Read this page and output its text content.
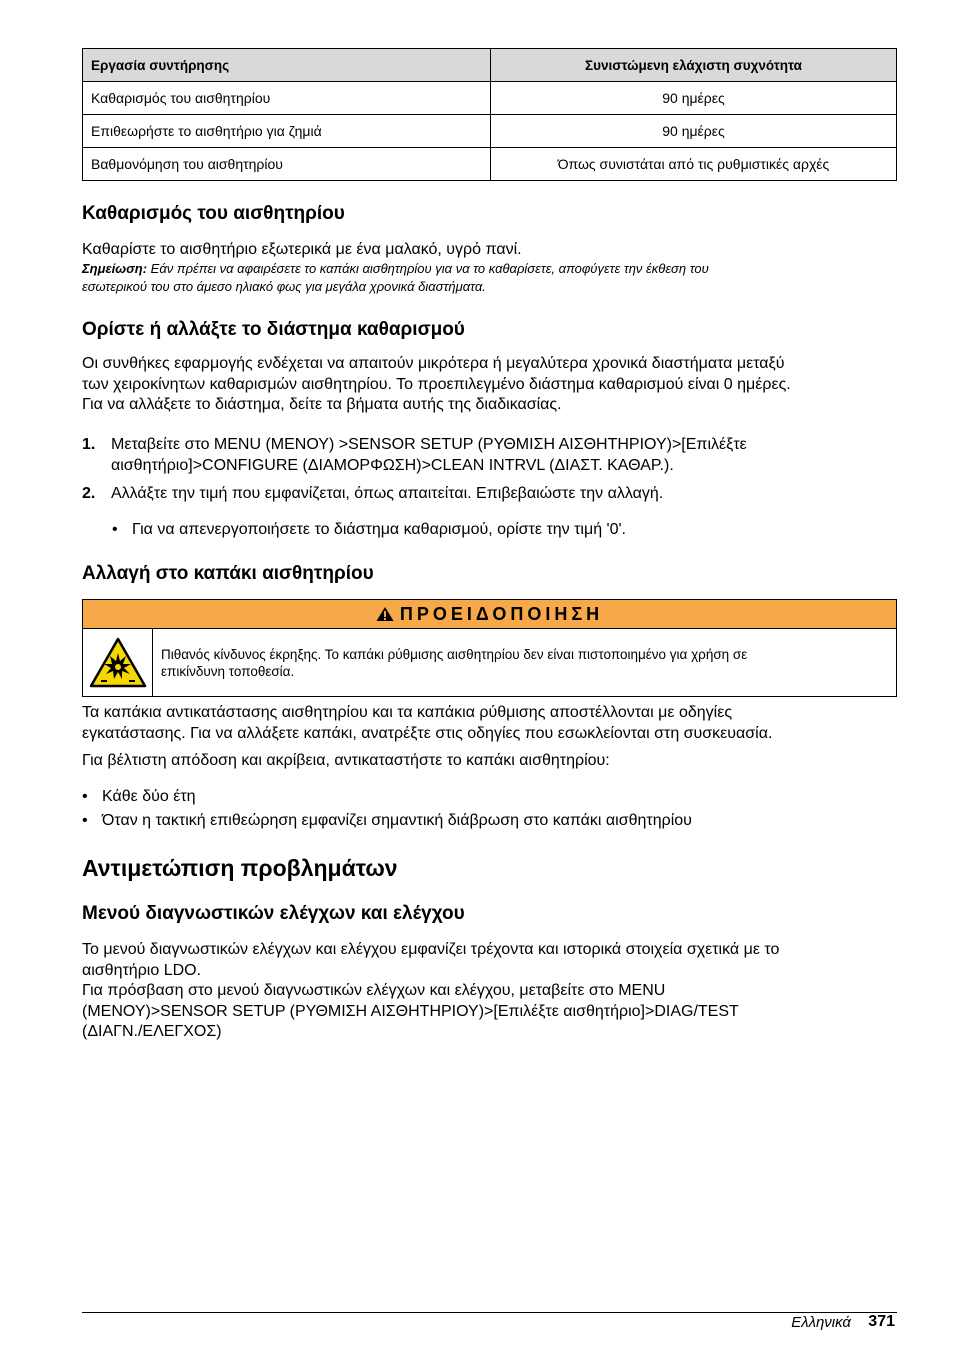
Εργασία συντήρησης	Συνιστώμενη ελάχιστη συχνότητα
Καθαρισμός του αισθητηρίου	90 ημέρες
Επιθεωρήστε το αισθητήριο για ζημιά	90 ημέρες
Βαθμονόμηση του αισθητηρίου	Όπως συνιστάται από τις ρυθμιστικές αρχές
Καθαρισμός του αισθητηρίου

Καθαρίστε το αισθητήριο εξωτερικά με ένα μαλακό, υγρό πανί.

Σημείωση: Εάν πρέπει να αφαιρέσετε το καπάκι αισθητηρίου για να το καθαρίσετε, αποφύγετε την έκθεση του
εσωτερικού του στο άμεσο ηλιακό φως για μεγάλα χρονικά διαστήματα.
Ορίστε ή αλλάξτε το διάστημα καθαρισμού

Οι συνθήκες εφαρμογής ενδέχεται να απαιτούν μικρότερα ή μεγαλύτερα χρονικά διαστήματα μεταξύ
των χειροκίνητων καθαρισμών αισθητηρίου. Το προεπιλεγμένο διάστημα καθαρισμού είναι 0 ημέρες.
Για να αλλάξετε το διάστημα, δείτε τα βήματα αυτής της διαδικασίας.

1. Μεταβείτε στο MENU (ΜΕΝΟΥ) >SENSOR SETUP (ΡΥΘΜΙΣΗ ΑΙΣΘΗΤΗΡΙΟΥ)>[Επιλέξτε
αισθητήριο]>CONFIGURE (ΔΙΑΜΟΡΦΩΣΗ)>CLEAN INTRVL (ΔΙΑΣΤ. ΚΑΘΑΡ.).
2. Αλλάξτε την τιμή που εμφανίζεται, όπως απαιτείται. Επιβεβαιώστε την αλλαγή.
• Για να απενεργοποιήσετε το διάστημα καθαρισμού, ορίστε την τιμή '0'.
Αλλαγή στο καπάκι αισθητηρίου
ΠΡΟΕΙΔΟΠΟΙΗΣΗ
Πιθανός κίνδυνος έκρηξης. Το καπάκι ρύθμισης αισθητηρίου δεν είναι πιστοποιημένο για χρήση σε
επικίνδυνη τοποθεσία.

Τα καπάκια αντικατάστασης αισθητηρίου και τα καπάκια ρύθμισης αποστέλλονται με οδηγίες
εγκατάστασης. Για να αλλάξετε καπάκι, ανατρέξτε στις οδηγίες που εσωκλείονται στη συσκευασία.

Για βέλτιστη απόδοση και ακρίβεια, αντικαταστήστε το καπάκι αισθητηρίου:

• Κάθε δύο έτη
• Όταν η τακτική επιθεώρηση εμφανίζει σημαντική διάβρωση στο καπάκι αισθητηρίου
Αντιμετώπιση προβλημάτων
Μενού διαγνωστικών ελέγχων και ελέγχου

Το μενού διαγνωστικών ελέγχων και ελέγχου εμφανίζει τρέχοντα και ιστορικά στοιχεία σχετικά με το
αισθητήριο LDO.
Για πρόσβαση στο μενού διαγνωστικών ελέγχων και ελέγχου, μεταβείτε στο MENU
(ΜΕΝΟΥ)>SENSOR SETUP (ΡΥΘΜΙΣΗ ΑΙΣΘΗΤΗΡΙΟΥ)>[Επιλέξτε αισθητήριο]>DIAG/TEST
(ΔΙΑΓΝ./ΕΛΕΓΧΟΣ)

Ελληνικά 371
